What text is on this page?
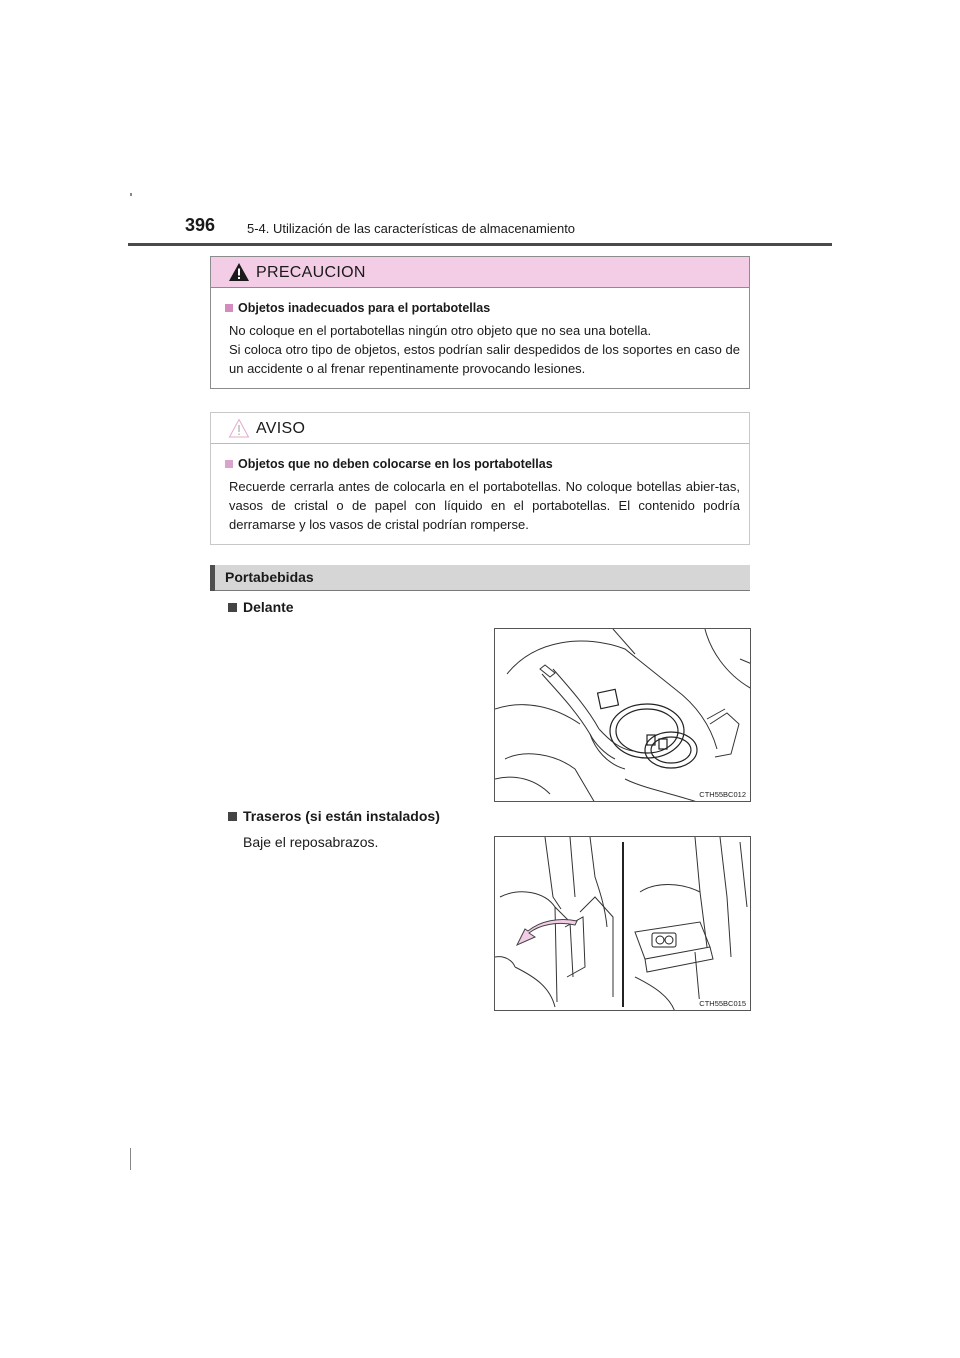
396 5-4. Utilización de las características de almacenamiento
PRECAUCION
Objetos inadecuados para el portabotellas

No coloque en el portabotellas ningún otro objeto que no sea una botella.

Si coloca otro tipo de objetos, estos podrían salir despedidos de los soportes en caso de un accidente o al frenar repentinamente provocando lesiones.

AVISO
Objetos que no deben colocarse en los portabotellas
Recuerde cerrarla antes de colocarla en el portabotellas. No coloque botellas abier-tas, vasos de cristal o de papel con líquido en el portabotellas. El contenido podría derramarse y los vasos de cristal podrían romperse.
Portabebidas
Delante
CTH55BC012
Traseros (si están instalados)
Baje el reposabrazos.
CTH55BC015
